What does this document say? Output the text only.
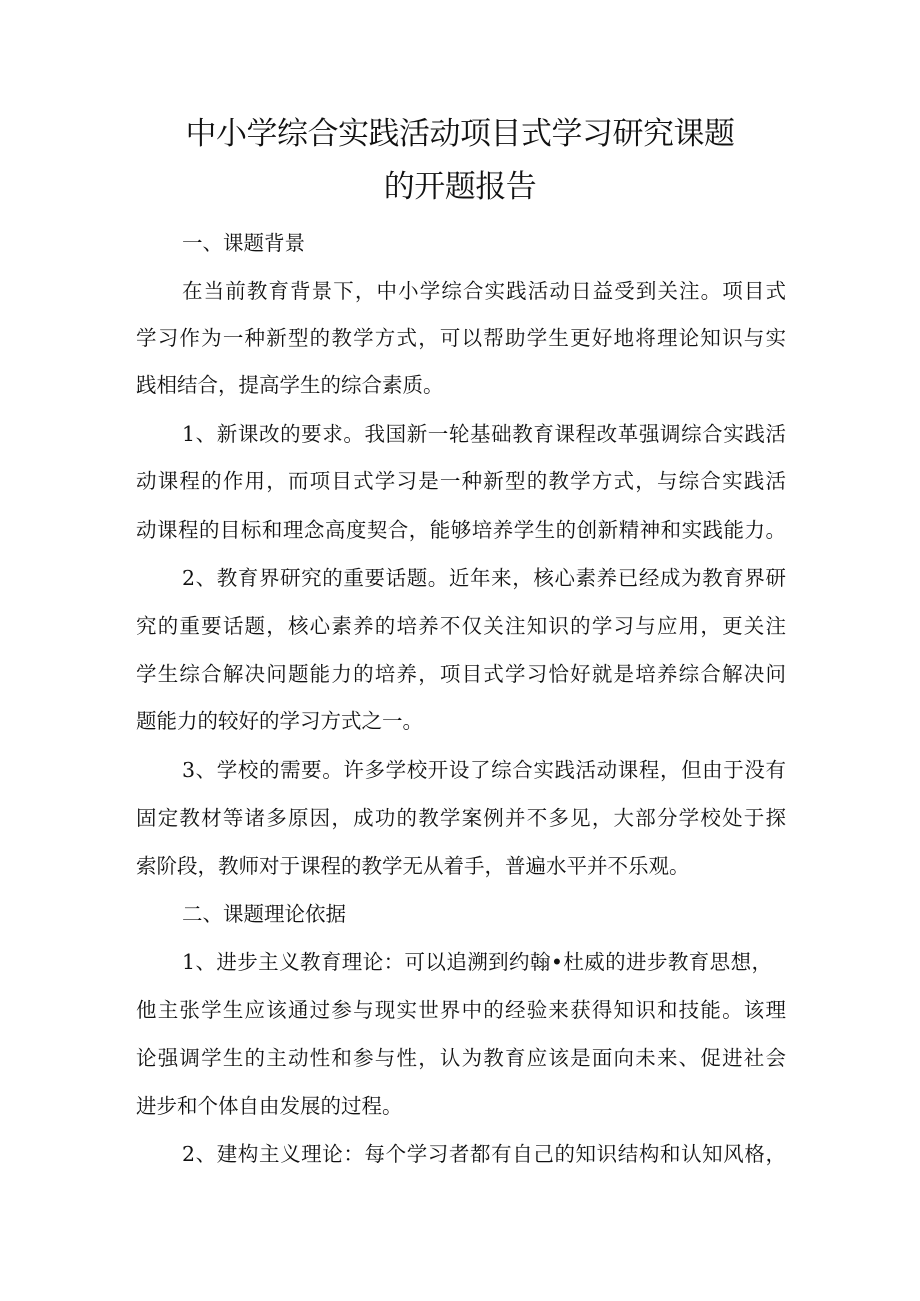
中小学综合实践活动项目式学习研究课题
的开题报告
一、课题背景
在当前教育背景下，中小学综合实践活动日益受到关注。项目式
学习作为一种新型的教学方式，可以帮助学生更好地将理论知识与实
践相结合，提高学生的综合素质。
1、新课改的要求。我国新一轮基础教育课程改革强调综合实践活
动课程的作用，而项目式学习是一种新型的教学方式，与综合实践活
动课程的目标和理念高度契合，能够培养学生的创新精神和实践能力。
2、教育界研究的重要话题。近年来，核心素养已经成为教育界研
究的重要话题，核心素养的培养不仅关注知识的学习与应用，更关注
学生综合解决问题能力的培养，项目式学习恰好就是培养综合解决问
题能力的较好的学习方式之一。
3、学校的需要。许多学校开设了综合实践活动课程，但由于没有
固定教材等诸多原因，成功的教学案例并不多见，大部分学校处于探
索阶段，教师对于课程的教学无从着手，普遍水平并不乐观。
二、课题理论依据
1、进步主义教育理论：可以追溯到约翰•杜威的进步教育思想，
他主张学生应该通过参与现实世界中的经验来获得知识和技能。该理
论强调学生的主动性和参与性，认为教育应该是面向未来、促进社会
进步和个体自由发展的过程。
2、建构主义理论：每个学习者都有自己的知识结构和认知风格，
